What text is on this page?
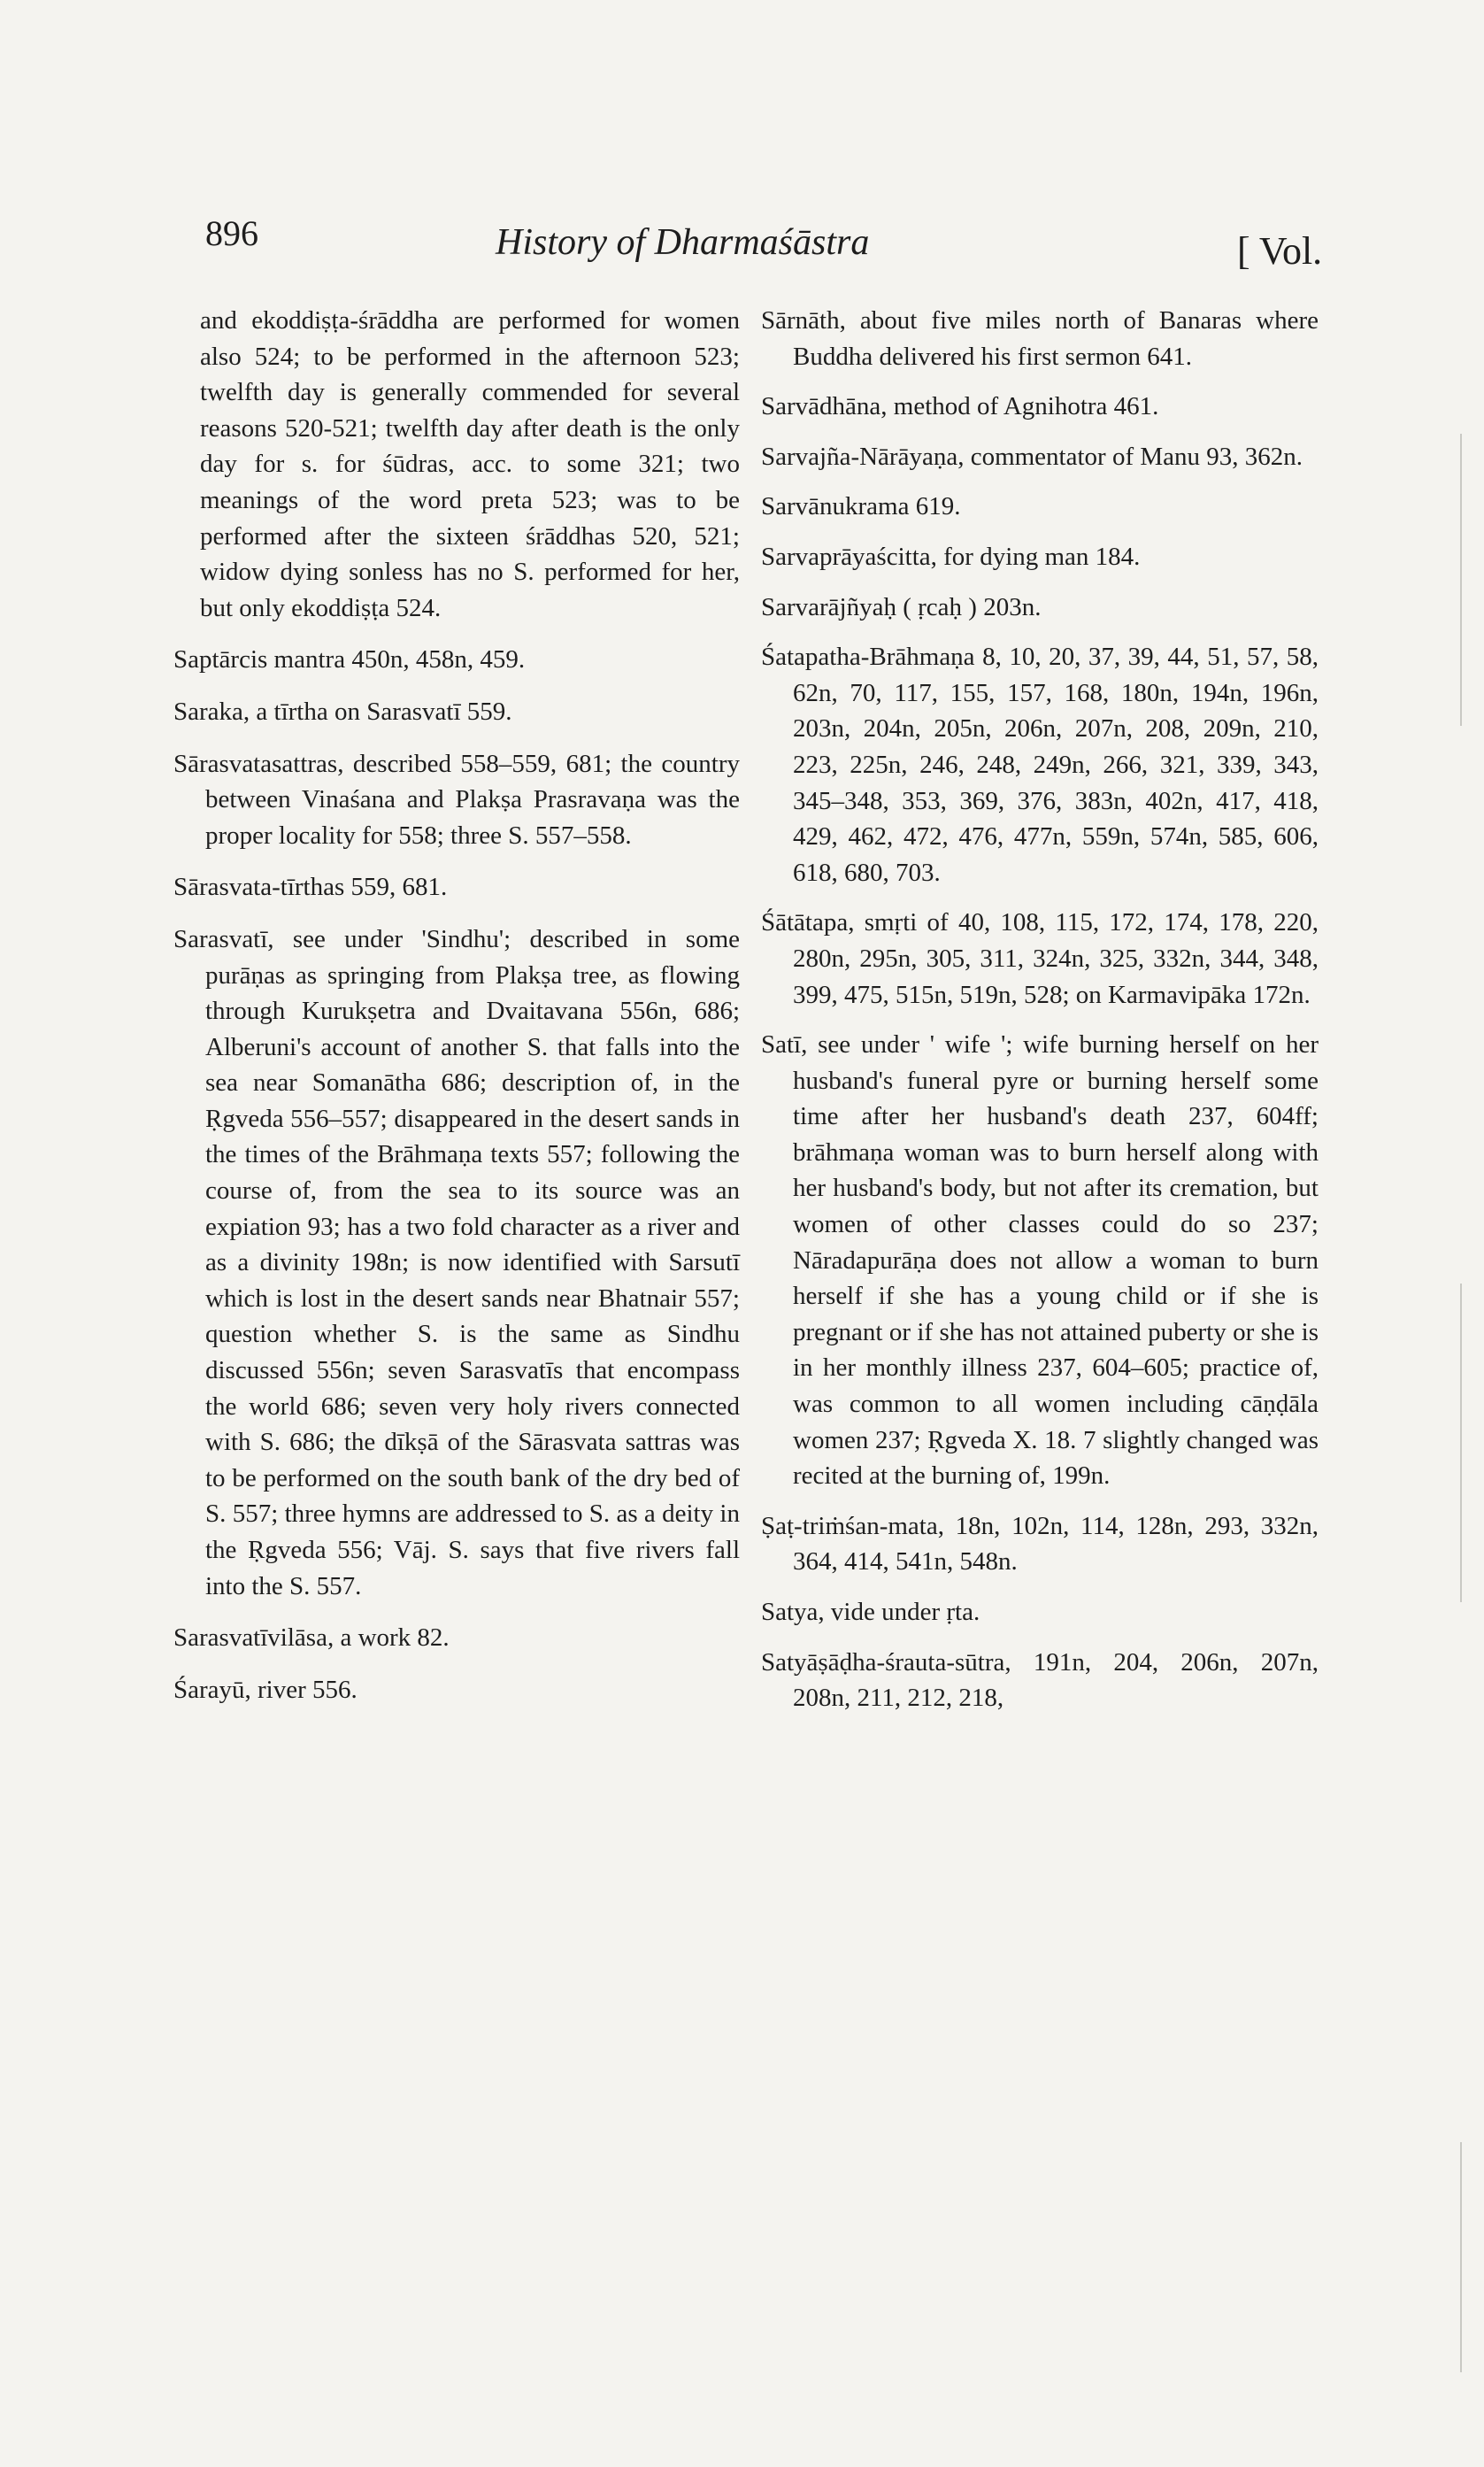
896	History of Dharmaśāstra	[ Vol.

and ekoddiṣṭa-śrāddha are performed for women also 524; to be performed in the afternoon 523; twelfth day is generally commended for several reasons 520-521; twelfth day after death is the only day for s. for śūdras, acc. to some 321; two meanings of the word preta 523; was to be performed after the sixteen śrāddhas 520, 521; widow dying sonless has no S. performed for her, but only ekoddiṣṭa 524.

Saptārcis mantra 450n, 458n, 459.

Saraka, a tīrtha on Sarasvatī 559.

Sārasvatasattras, described 558–559, 681; the country between Vinaśana and Plakṣa Prasravaṇa was the proper locality for 558; three S. 557–558.

Sārasvata-tīrthas 559, 681.

Sarasvatī, see under 'Sindhu'; described in some purāṇas as springing from Plakṣa tree, as flowing through Kurukṣetra and Dvaitavana 556n, 686; Alberuni's account of another S. that falls into the sea near Somanātha 686; description of, in the Ṛgveda 556–557; disappeared in the desert sands in the times of the Brāhmaṇa texts 557; following the course of, from the sea to its source was an expiation 93; has a two fold character as a river and as a divinity 198n; is now identified with Sarsutī which is lost in the desert sands near Bhatnair 557; question whether S. is the same as Sindhu discussed 556n; seven Sarasvatīs that encompass the world 686; seven very holy rivers connected with S. 686; the dīkṣā of the Sārasvata sattras was to be performed on the south bank of the dry bed of S. 557; three hymns are addressed to S. as a deity in the Ṛgveda 556; Vāj. S. says that five rivers fall into the S. 557.

Sarasvatīvilāsa, a work 82.

Śarayū, river 556.

Sārnāth, about five miles north of Banaras where Buddha delivered his first sermon 641.

Sarvādhāna, method of Agnihotra 461.

Sarvajña-Nārāyaṇa, commentator of Manu 93, 362n.

Sarvānukrama 619.

Sarvaprāyaścitta, for dying man 184.

Sarvarājñyaḥ ( ṛcaḥ ) 203n.

Śatapatha-Brāhmaṇa 8, 10, 20, 37, 39, 44, 51, 57, 58, 62n, 70, 117, 155, 157, 168, 180n, 194n, 196n, 203n, 204n, 205n, 206n, 207n, 208, 209n, 210, 223, 225n, 246, 248, 249n, 266, 321, 339, 343, 345–348, 353, 369, 376, 383n, 402n, 417, 418, 429, 462, 472, 476, 477n, 559n, 574n, 585, 606, 618, 680, 703.

Śātātapa, smṛti of 40, 108, 115, 172, 174, 178, 220, 280n, 295n, 305, 311, 324n, 325, 332n, 344, 348, 399, 475, 515n, 519n, 528; on Karmavipāka 172n.

Satī, see under ' wife '; wife burning herself on her husband's funeral pyre or burning herself some time after her husband's death 237, 604ff; brāhmaṇa woman was to burn herself along with her husband's body, but not after its cremation, but women of other classes could do so 237; Nāradapurāṇa does not allow a woman to burn herself if she has a young child or if she is pregnant or if she has not attained puberty or she is in her monthly illness 237, 604–605; practice of, was common to all women including cāṇḍāla women 237; Ṛgveda X. 18. 7 slightly changed was recited at the burning of, 199n.

Ṣaṭ-triṁśan-mata, 18n, 102n, 114, 128n, 293, 332n, 364, 414, 541n, 548n.

Satya, vide under ṛta.

Satyāṣāḍha-śrauta-sūtra, 191n, 204, 206n, 207n, 208n, 211, 212, 218,
